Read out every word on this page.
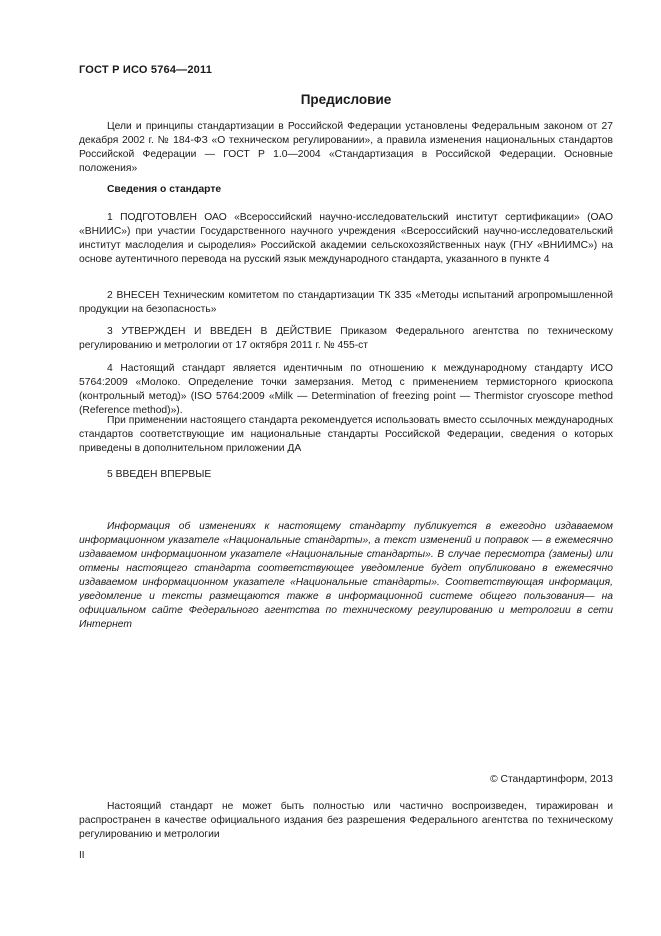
ГОСТ Р ИСО 5764—2011
Предисловие

Цели и принципы стандартизации в Российской Федерации установлены Федеральным законом от 27 декабря 2002 г. № 184-ФЗ «О техническом регулировании», а правила изменения национальных стандартов Российской Федерации — ГОСТ Р 1.0—2004 «Стандартизация в Российской Федерации. Основные положения»

Сведения о стандарте

1 ПОДГОТОВЛЕН ОАО «Всероссийский научно-исследовательский институт сертификации» (ОАО «ВНИИС») при участии Государственного научного учреждения «Всероссийский научно-исследовательский институт маслоделия и сыроделия» Российской академии сельскохозяйственных наук (ГНУ «ВНИИМС») на основе аутентичного перевода на русский язык международного стандарта, указанного в пункте 4

2 ВНЕСЕН Техническим комитетом по стандартизации ТК 335 «Методы испытаний агропромышленной продукции на безопасность»

3 УТВЕРЖДЕН И ВВЕДЕН В ДЕЙСТВИЕ Приказом Федерального агентства по техническому регулированию и метрологии от 17 октября 2011 г. № 455-ст

4 Настоящий стандарт является идентичным по отношению к международному стандарту ИСО 5764:2009 «Молоко. Определение точки замерзания. Метод с применением термисторного криоскопа (контрольный метод)» (ISO 5764:2009 «Milk — Determination of freezing point — Thermistor cryoscope method (Reference method)»).

При применении настоящего стандарта рекомендуется использовать вместо ссылочных международных стандартов соответствующие им национальные стандарты Российской Федерации, сведения о которых приведены в дополнительном приложении ДА

5 ВВЕДЕН ВПЕРВЫЕ

Информация об изменениях к настоящему стандарту публикуется в ежегодно издаваемом информационном указателе «Национальные стандарты», а текст изменений и поправок — в ежемесячно издаваемом информационном указателе «Национальные стандарты». В случае пересмотра (замены) или отмены настоящего стандарта соответствующее уведомление будет опубликовано в ежемесячно издаваемом информационном указателе «Национальные стандарты». Соответствующая информация, уведомление и тексты размещаются также в информационной системе общего пользования— на официальном сайте Федерального агентства по техническому регулированию и метрологии в сети Интернет

© Стандартинформ, 2013

Настоящий стандарт не может быть полностью или частично воспроизведен, тиражирован и распространен в качестве официального издания без разрешения Федерального агентства по техническому регулированию и метрологии

II
